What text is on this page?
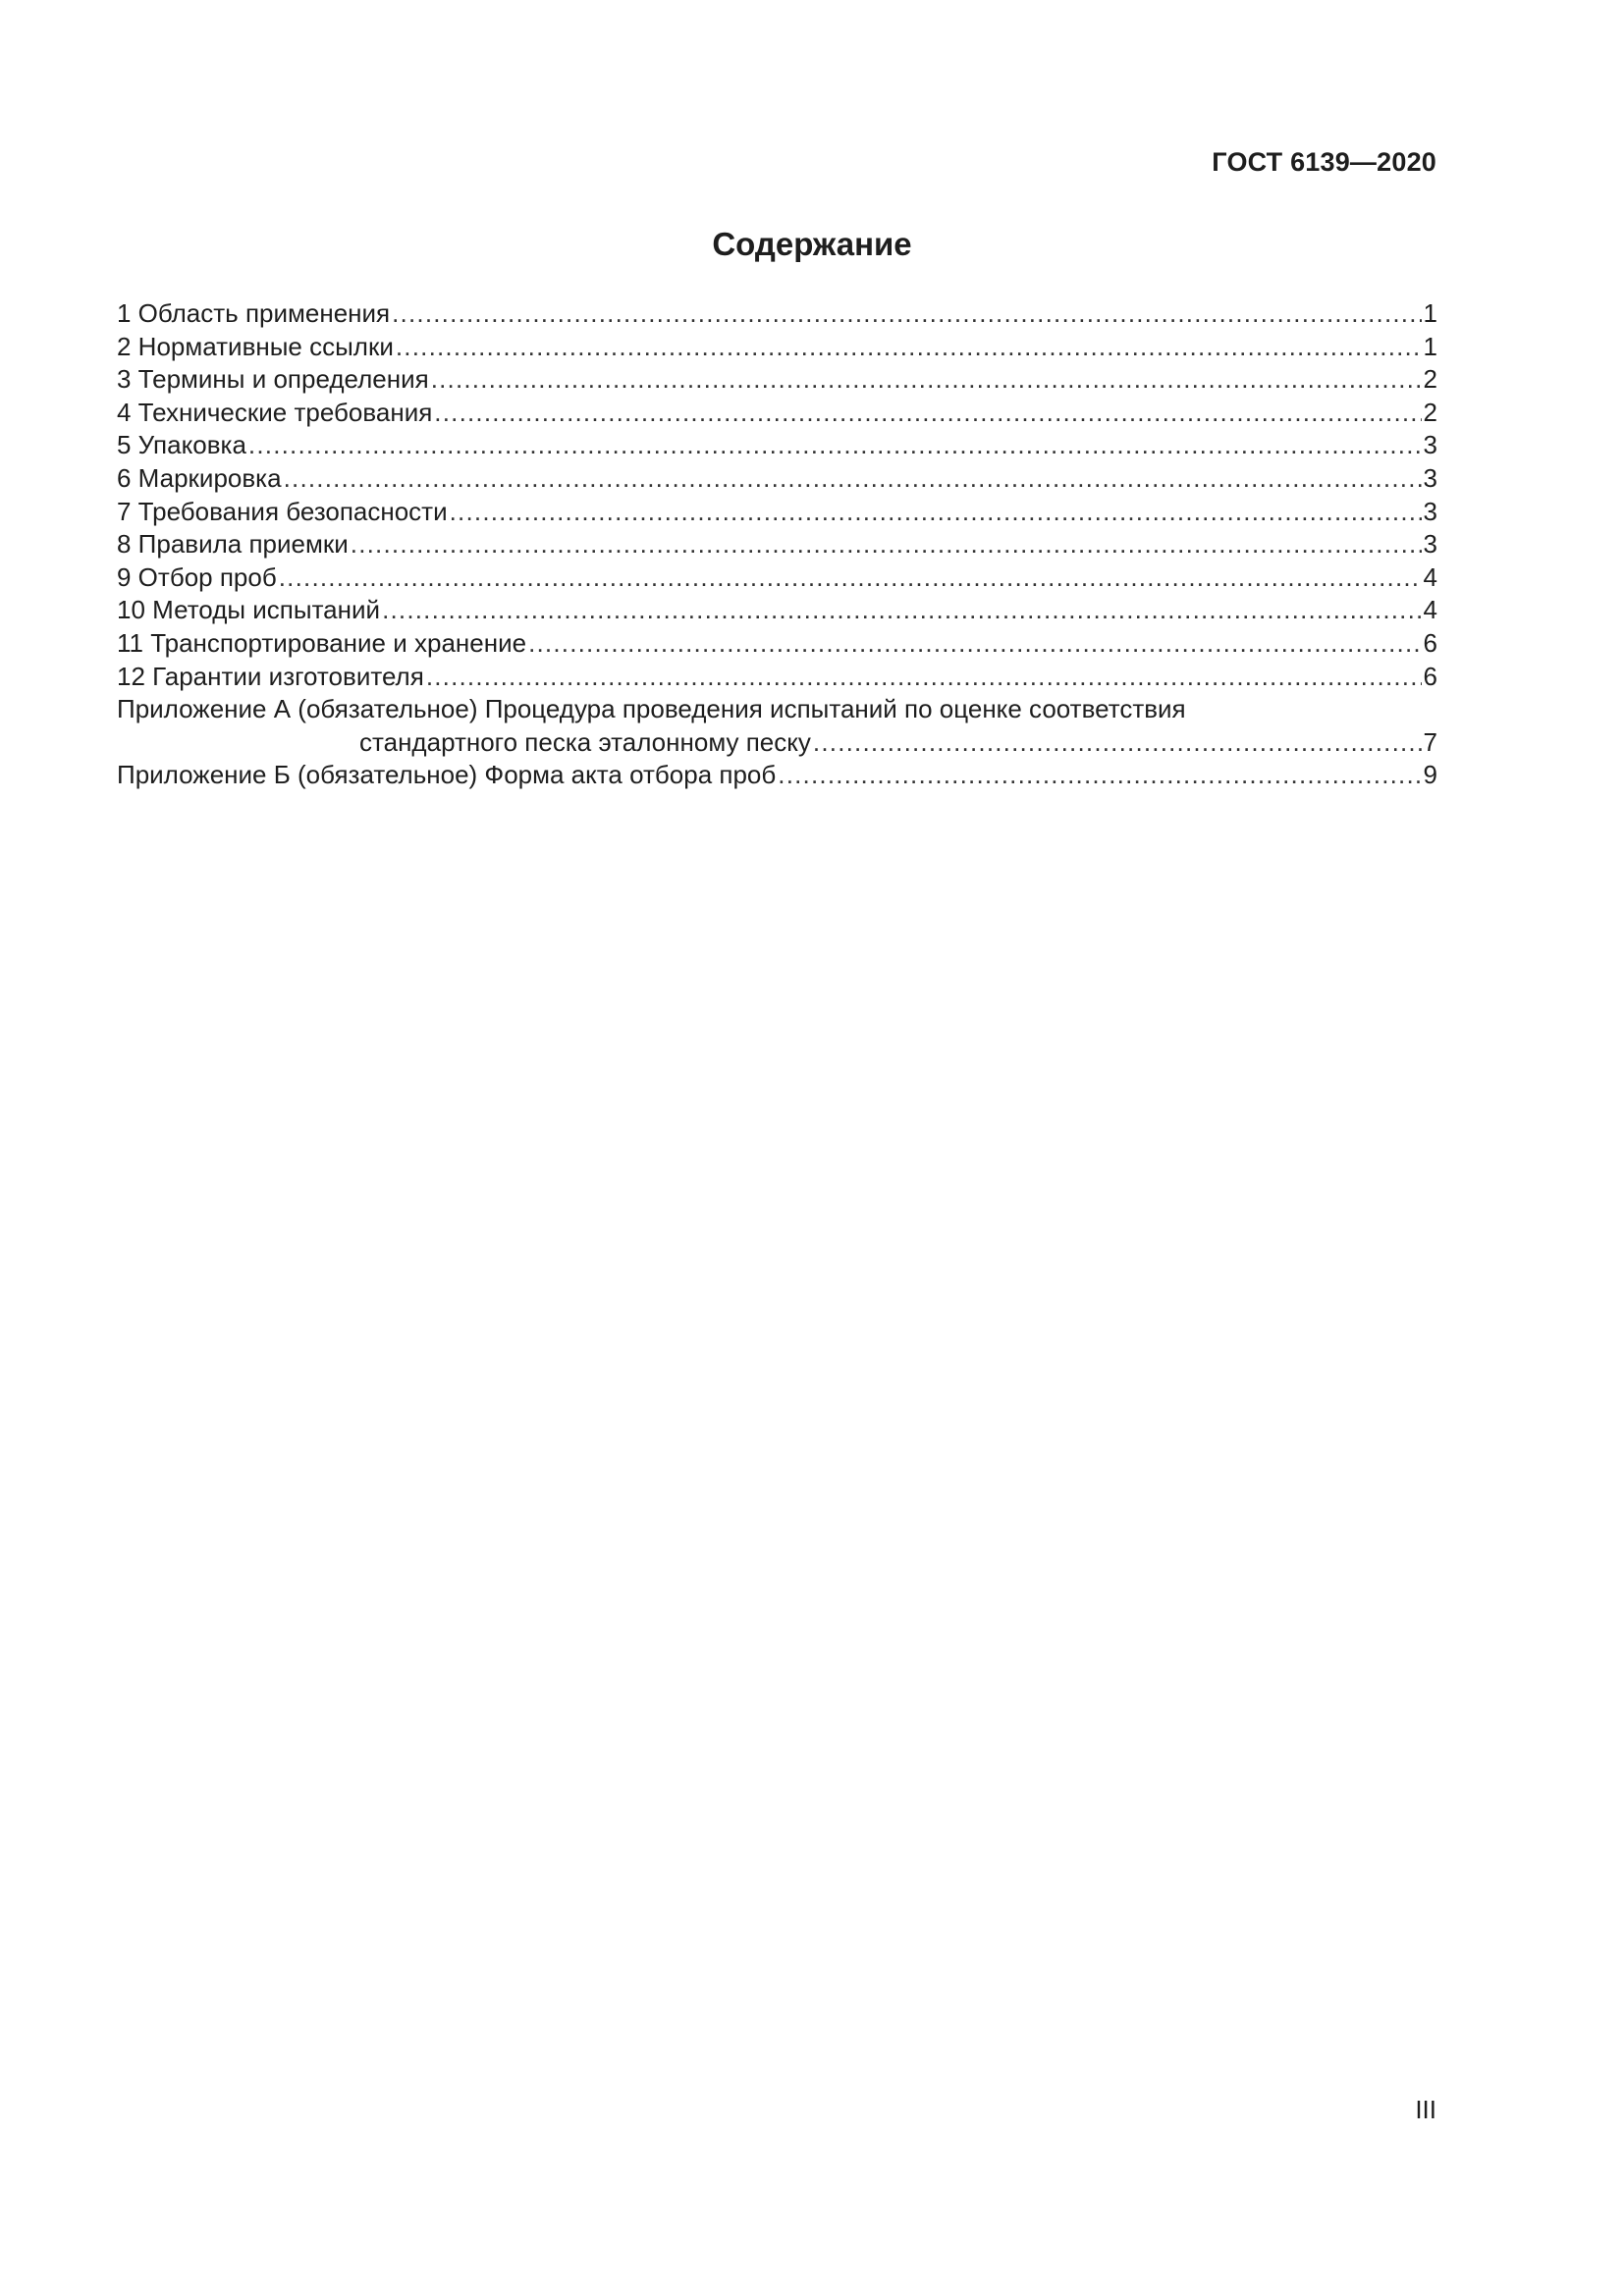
ГОСТ 6139—2020
Содержание
1 Область применения .....	1
2 Нормативные ссылки .....	1
3 Термины и определения .....	2
4 Технические требования .....	2
5 Упаковка .....	3
6 Маркировка .....	3
7 Требования безопасности .....	3
8 Правила приемки .....	3
9 Отбор проб .....	4
10 Методы испытаний .....	4
11 Транспортирование и хранение .....	6
12 Гарантии изготовителя .....	6
Приложение А (обязательное) Процедура проведения испытаний по оценке соответствия
стандартного песка эталонному песку .....	7
Приложение Б (обязательное) Форма акта отбора проб .....	9
III
